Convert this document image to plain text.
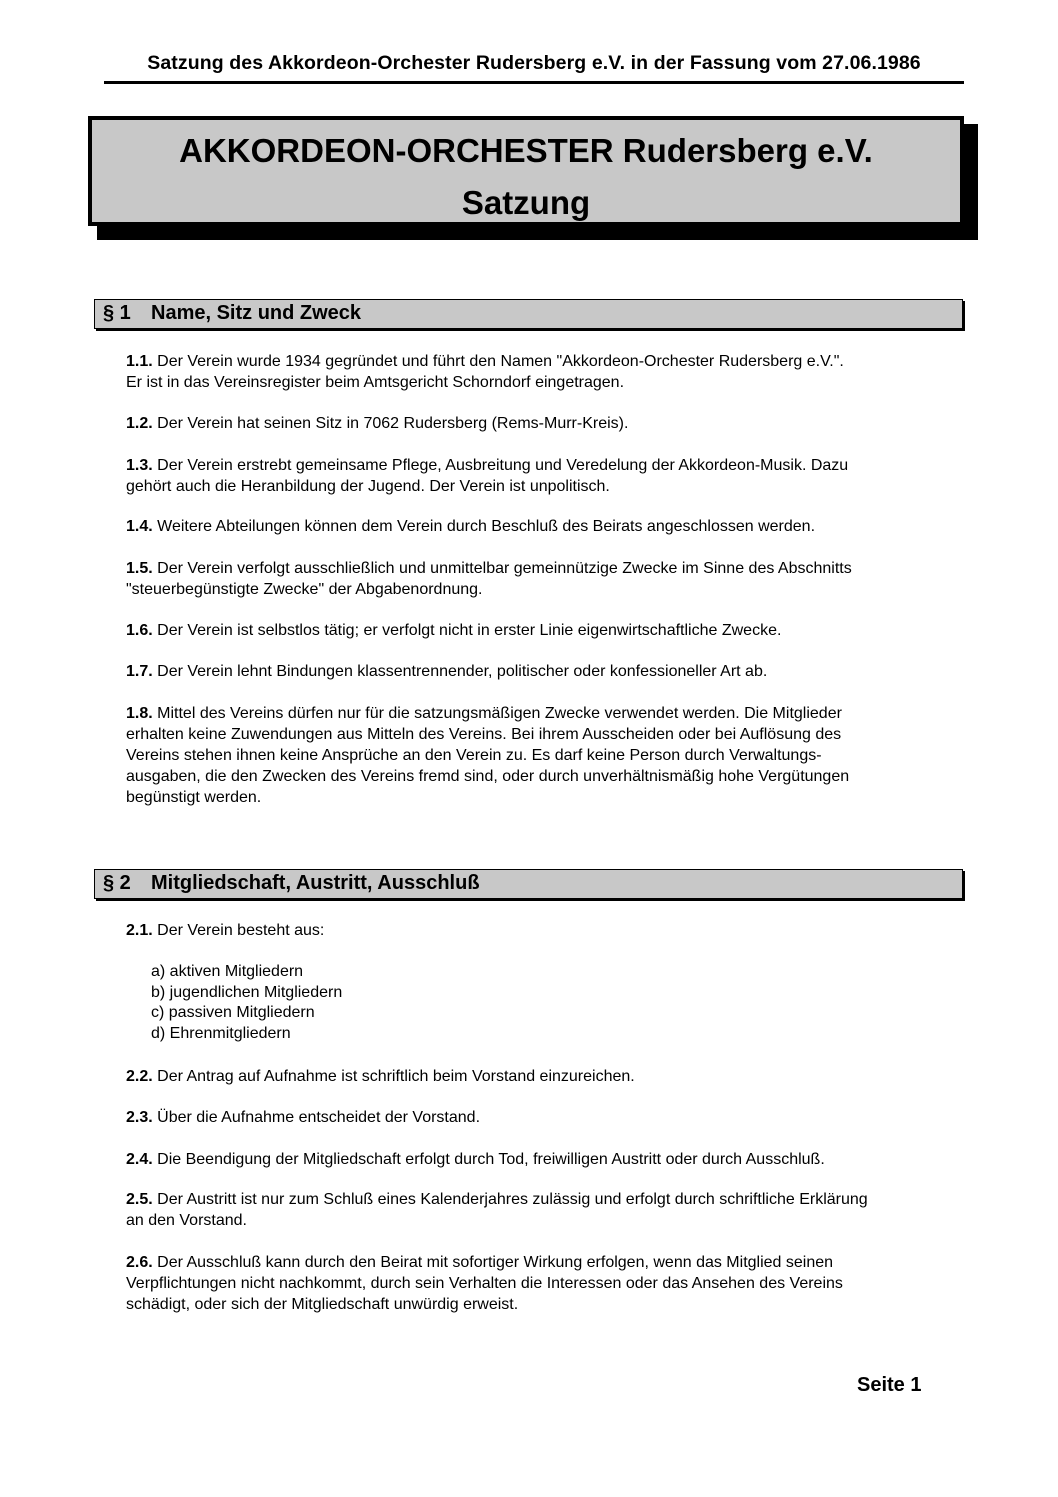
Satzung des Akkordeon-Orchester Rudersberg e.V. in der Fassung vom 27.06.1986
AKKORDEON-ORCHESTER Rudersberg e.V.
Satzung
§ 1 Name, Sitz und Zweck
1.1. Der Verein wurde 1934 gegründet und führt den Namen "Akkordeon-Orchester Rudersberg e.V.".
Er ist in das Vereinsregister beim Amtsgericht Schorndorf eingetragen.
1.2. Der Verein hat seinen Sitz in 7062 Rudersberg (Rems-Murr-Kreis).
1.3. Der Verein erstrebt gemeinsame Pflege, Ausbreitung und Veredelung der Akkordeon-Musik. Dazu
gehört auch die Heranbildung der Jugend. Der Verein ist unpolitisch.
1.4. Weitere Abteilungen können dem Verein durch Beschluß des Beirats angeschlossen werden.
1.5. Der Verein verfolgt ausschließlich und unmittelbar gemeinnützige Zwecke im Sinne des Abschnitts
"steuerbegünstigte Zwecke" der Abgabenordnung.
1.6. Der Verein ist selbstlos tätig; er verfolgt nicht in erster Linie eigenwirtschaftliche Zwecke.
1.7. Der Verein lehnt Bindungen klassentrennender, politischer oder konfessioneller Art ab.
1.8. Mittel des Vereins dürfen nur für die satzungsmäßigen Zwecke verwendet werden. Die Mitglieder
erhalten keine Zuwendungen aus Mitteln des Vereins. Bei ihrem Ausscheiden oder bei Auflösung des
Vereins stehen ihnen keine Ansprüche an den Verein zu. Es darf keine Person durch Verwaltungs-
ausgaben, die den Zwecken des Vereins fremd sind, oder durch unverhältnismäßig hohe Vergütungen
begünstigt werden.
§ 2 Mitgliedschaft, Austritt, Ausschluß
2.1. Der Verein besteht aus:
a) aktiven Mitgliedern
b) jugendlichen Mitgliedern
c) passiven Mitgliedern
d) Ehrenmitgliedern
2.2. Der Antrag auf Aufnahme ist schriftlich beim Vorstand einzureichen.
2.3. Über die Aufnahme entscheidet der Vorstand.
2.4. Die Beendigung der Mitgliedschaft erfolgt durch Tod, freiwilligen Austritt oder durch Ausschluß.
2.5. Der Austritt ist nur zum Schluß eines Kalenderjahres zulässig und erfolgt durch schriftliche Erklärung
an den Vorstand.
2.6. Der Ausschluß kann durch den Beirat mit sofortiger Wirkung erfolgen, wenn das Mitglied seinen
Verpflichtungen nicht nachkommt, durch sein Verhalten die Interessen oder das Ansehen des Vereins
schädigt, oder sich der Mitgliedschaft unwürdig erweist.
Seite 1
